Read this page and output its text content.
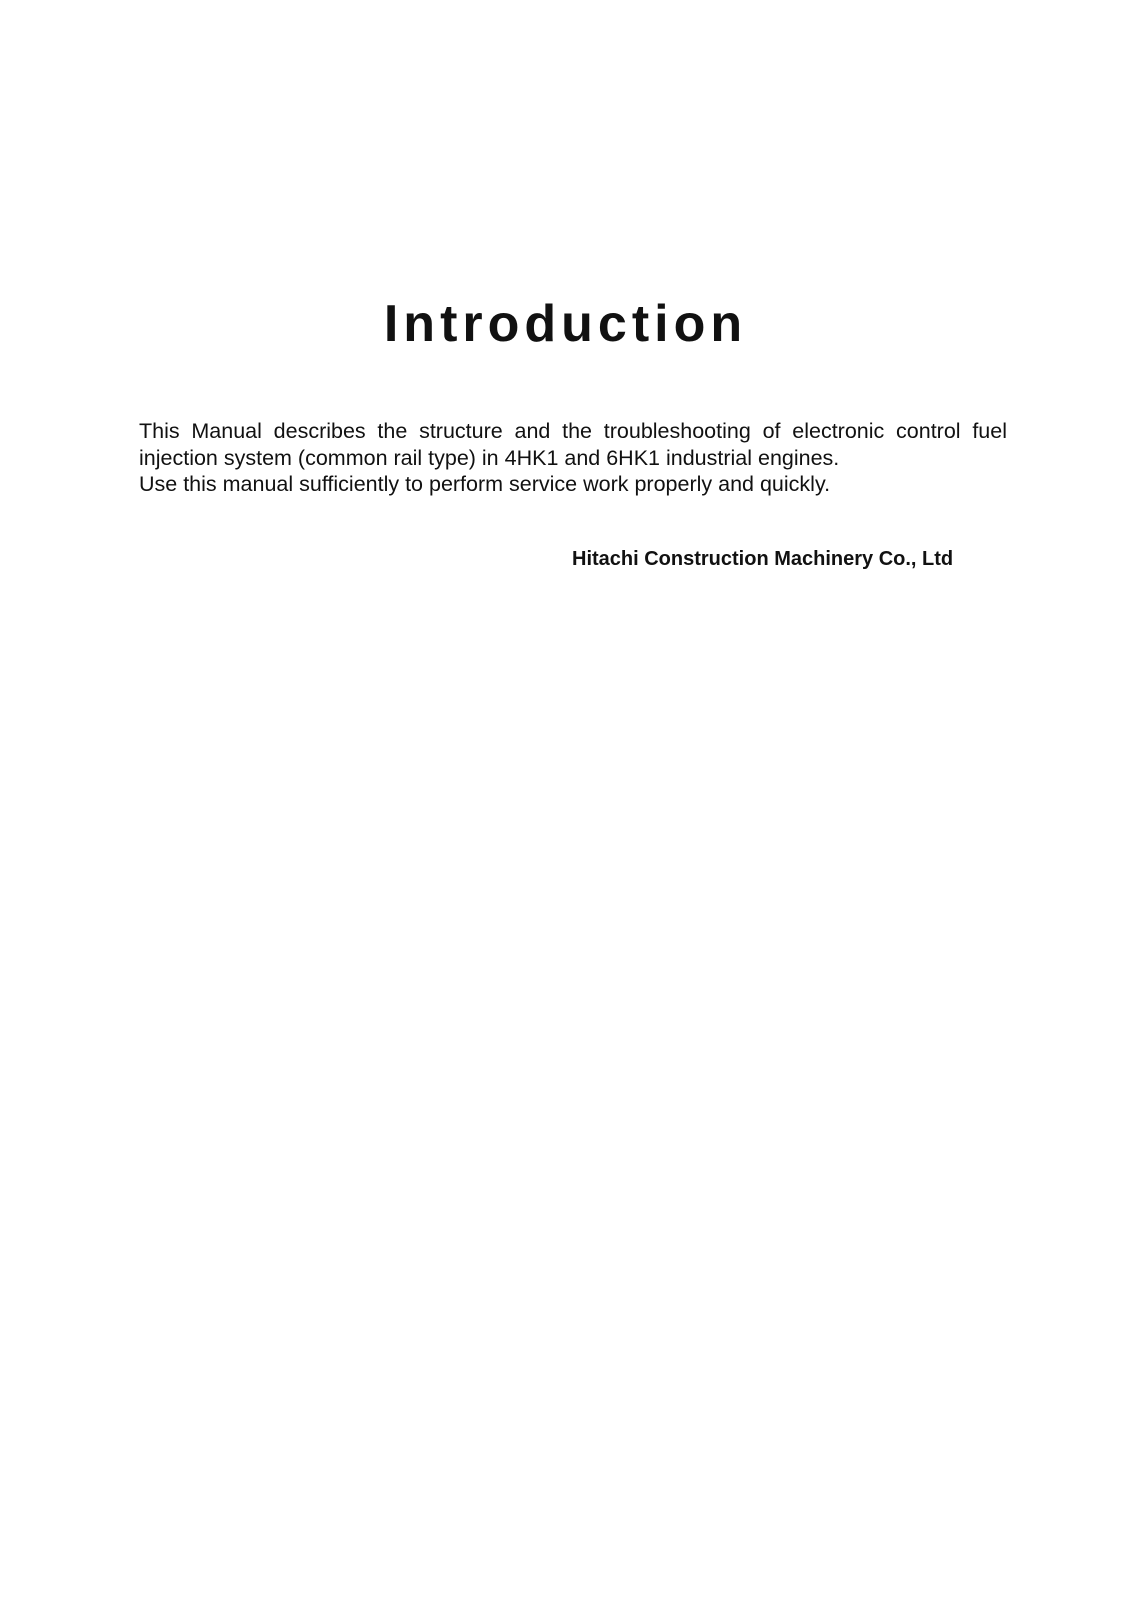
Introduction

This Manual describes the structure and the troubleshooting of electronic control fuel injection system (common rail type) in 4HK1 and 6HK1 industrial engines.

Use this manual sufficiently to perform service work properly and quickly.

Hitachi Construction Machinery Co., Ltd
